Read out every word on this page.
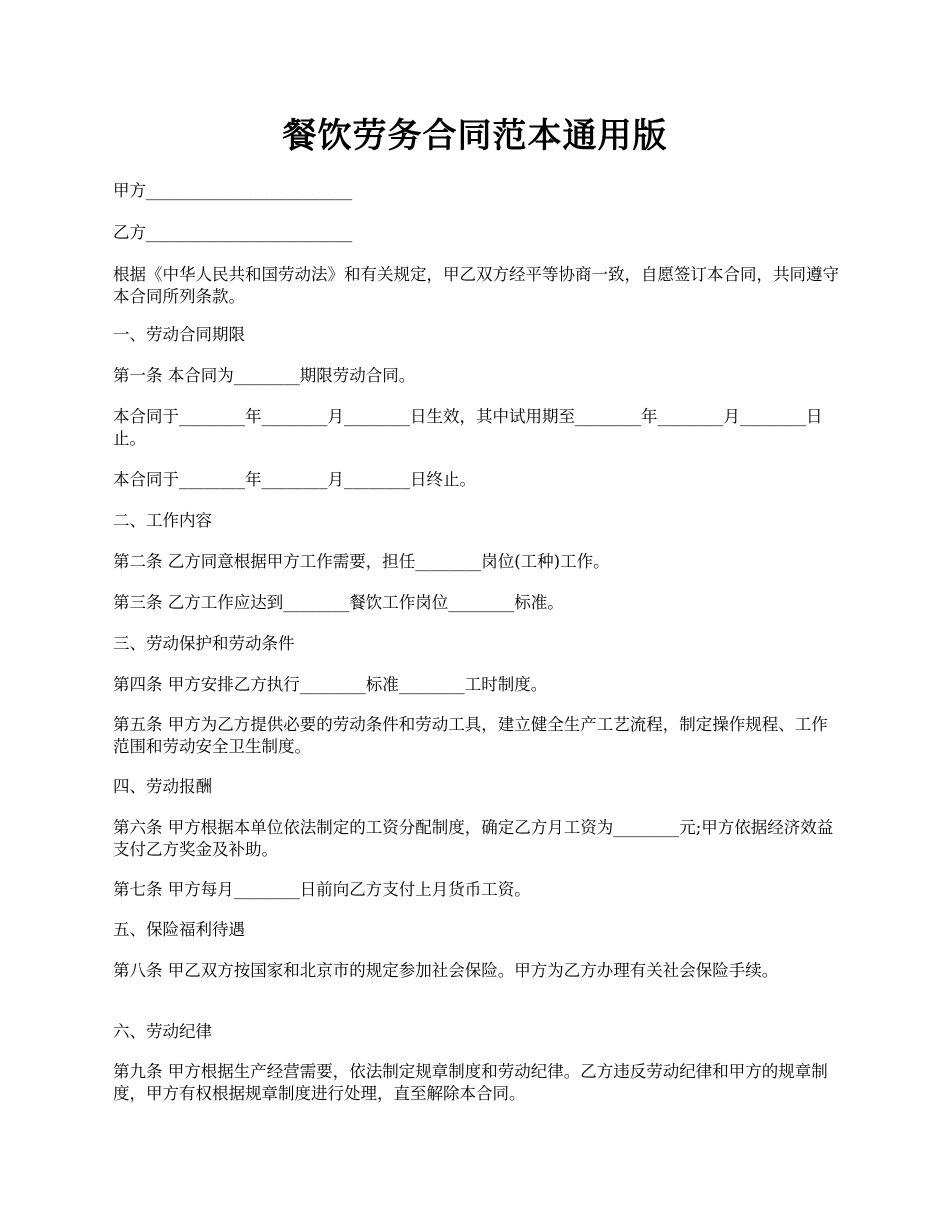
餐饮劳务合同范本通用版

甲方_________________________

乙方_________________________

根据《中华人民共和国劳动法》和有关规定，甲乙双方经平等协商一致，自愿签订本合同，共同遵守本合同所列条款。

一、劳动合同期限

第一条 本合同为________期限劳动合同。

本合同于________年________月________日生效，其中试用期至________年________月________日止。

本合同于________年________月________日终止。

二、工作内容

第二条 乙方同意根据甲方工作需要，担任________岗位(工种)工作。

第三条 乙方工作应达到________餐饮工作岗位________标准。

三、劳动保护和劳动条件

第四条 甲方安排乙方执行________标准________工时制度。

第五条 甲方为乙方提供必要的劳动条件和劳动工具，建立健全生产工艺流程，制定操作规程、工作范围和劳动安全卫生制度。

四、劳动报酬

第六条 甲方根据本单位依法制定的工资分配制度，确定乙方月工资为________元;甲方依据经济效益支付乙方奖金及补助。

第七条 甲方每月________日前向乙方支付上月货币工资。

五、保险福利待遇

第八条 甲乙双方按国家和北京市的规定参加社会保险。甲方为乙方办理有关社会保险手续。

六、劳动纪律

第九条 甲方根据生产经营需要，依法制定规章制度和劳动纪律。乙方违反劳动纪律和甲方的规章制度，甲方有权根据规章制度进行处理，直至解除本合同。
